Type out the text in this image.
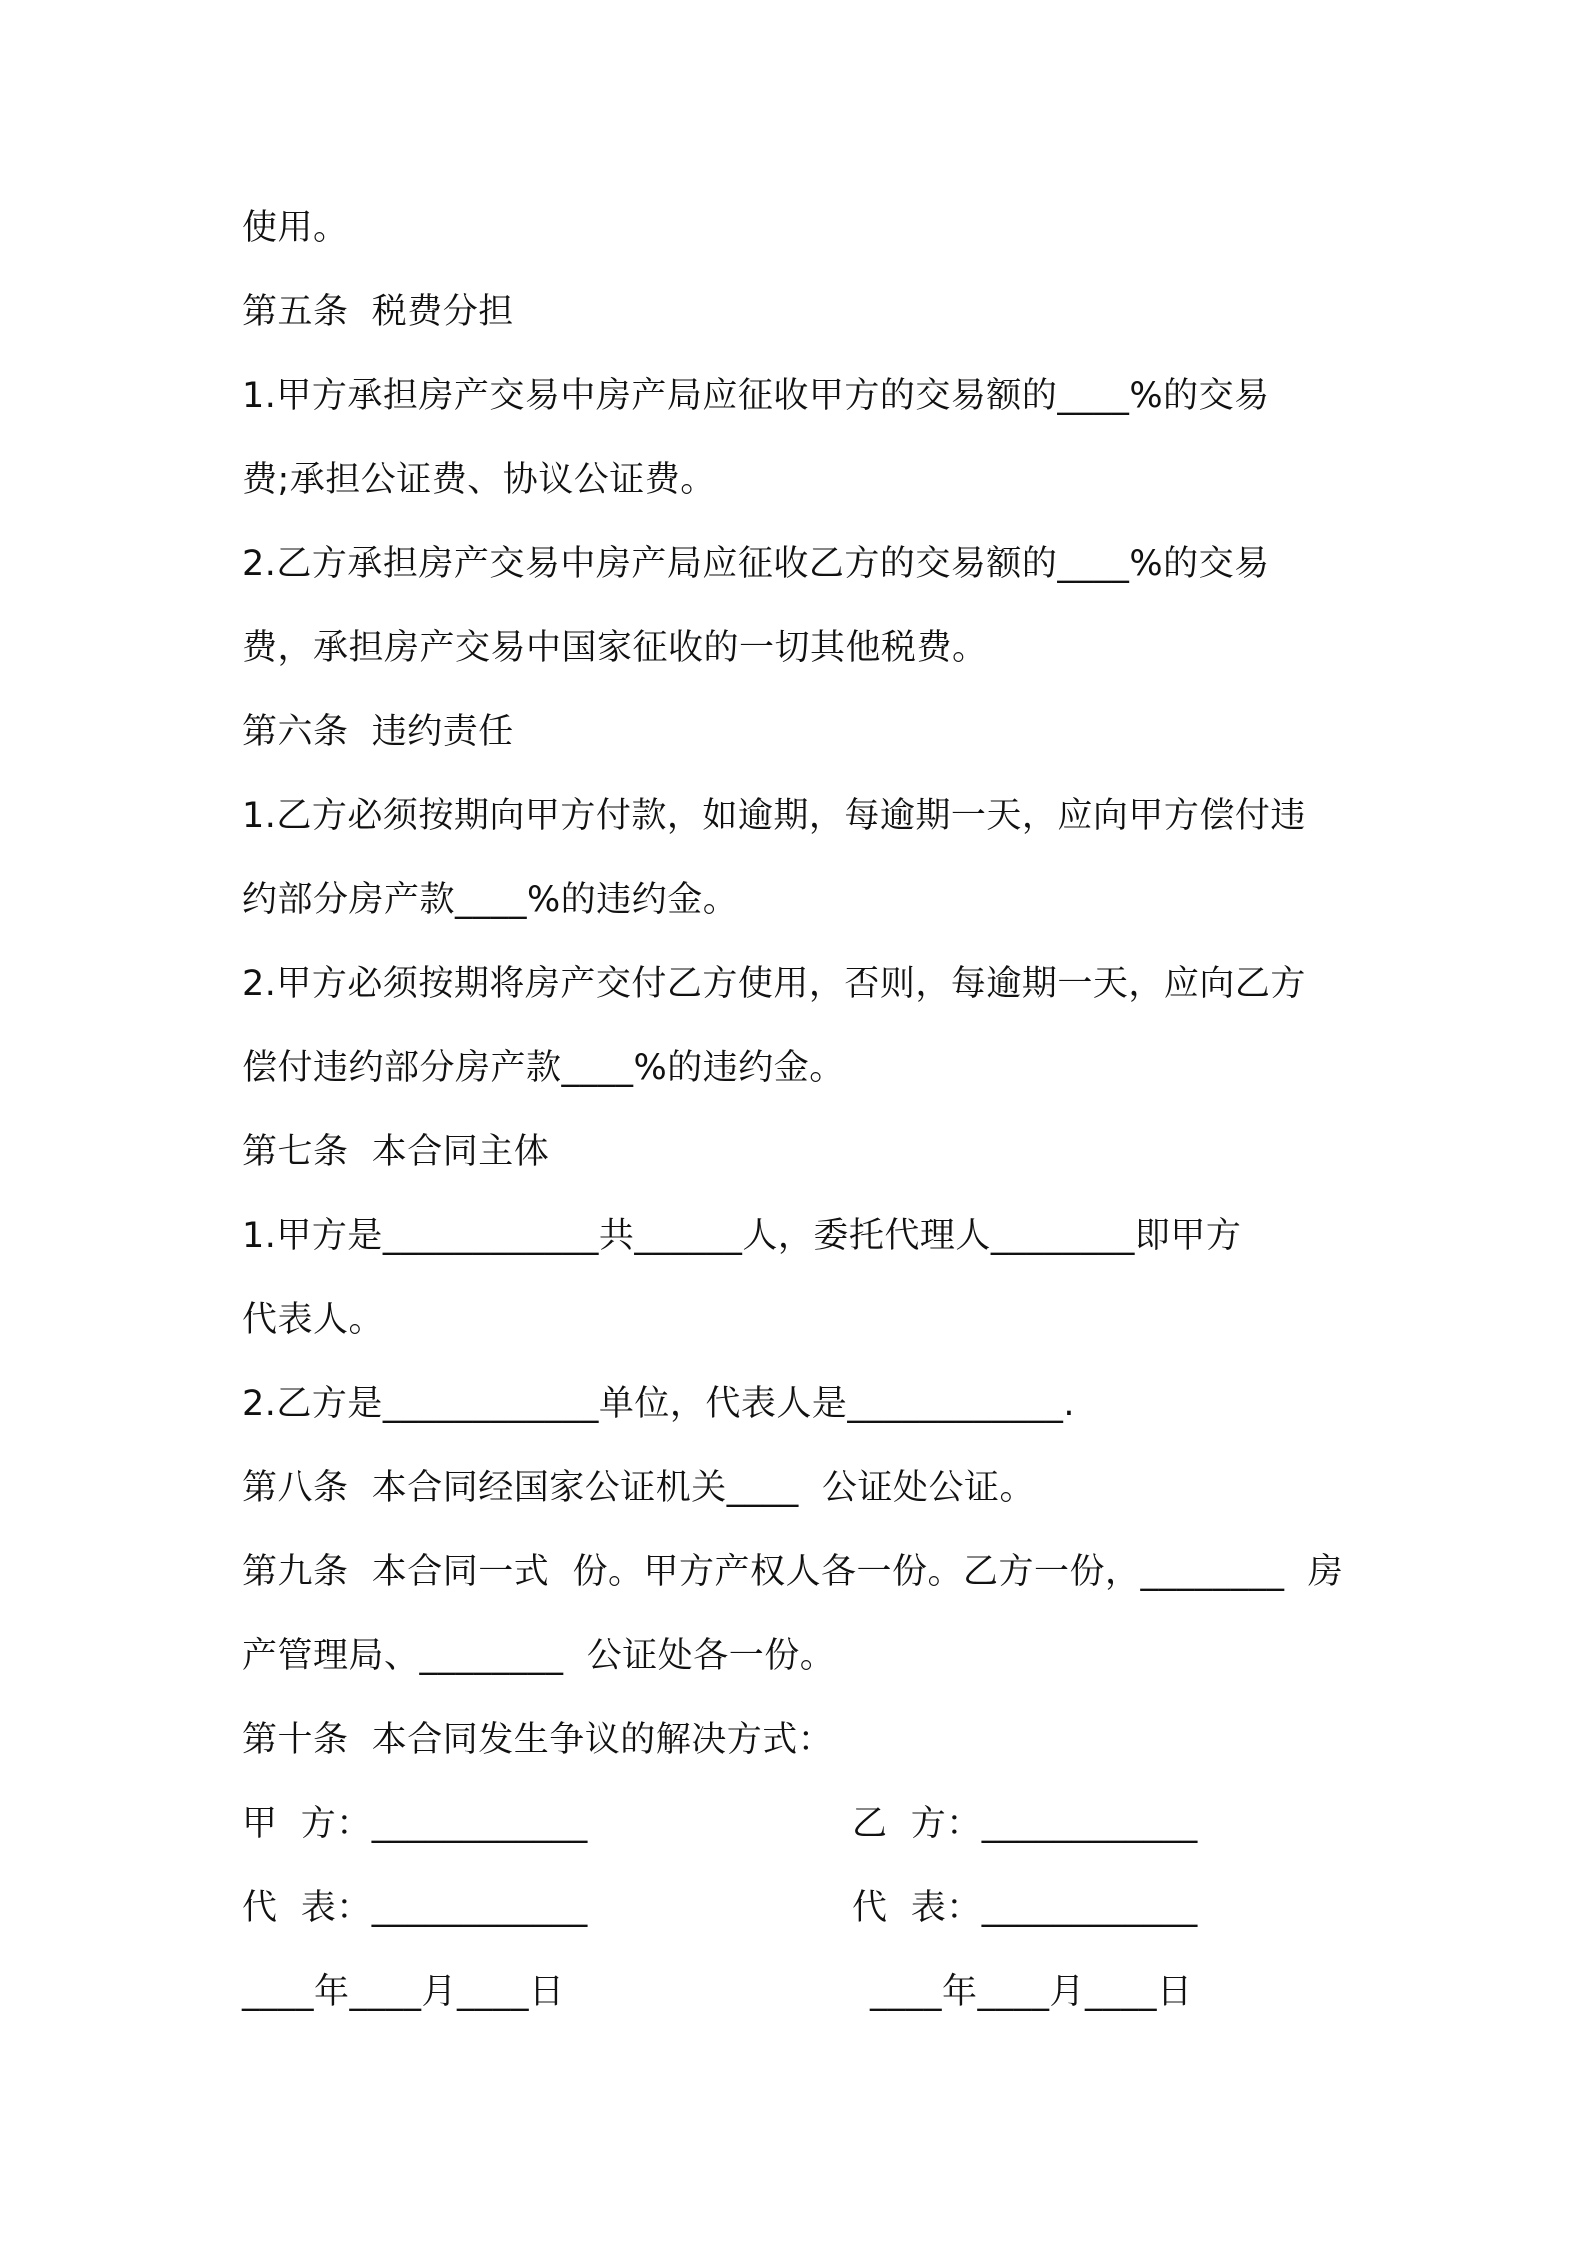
使用。
第五条  税费分担
1.甲方承担房产交易中房产局应征收甲方的交易额的____%的交易
费;承担公证费、协议公证费。
2.乙方承担房产交易中房产局应征收乙方的交易额的____%的交易
费，承担房产交易中国家征收的一切其他税费。
第六条  违约责任
1.乙方必须按期向甲方付款，如逾期，每逾期一天，应向甲方偿付违
约部分房产款____%的违约金。
2.甲方必须按期将房产交付乙方使用，否则，每逾期一天，应向乙方
偿付违约部分房产款____%的违约金。
第七条  本合同主体
1.甲方是____________共______人，委托代理人________即甲方
代表人。
2.乙方是____________单位，代表人是____________.
第八条  本合同经国家公证机关____  公证处公证。
第九条  本合同一式  份。甲方产权人各一份。乙方一份，________  房
产管理局、________  公证处各一份。
第十条  本合同发生争议的解决方式：
甲  方：____________	乙  方：____________
代  表：____________	代  表：____________
____年____月____日	____年____月____日
